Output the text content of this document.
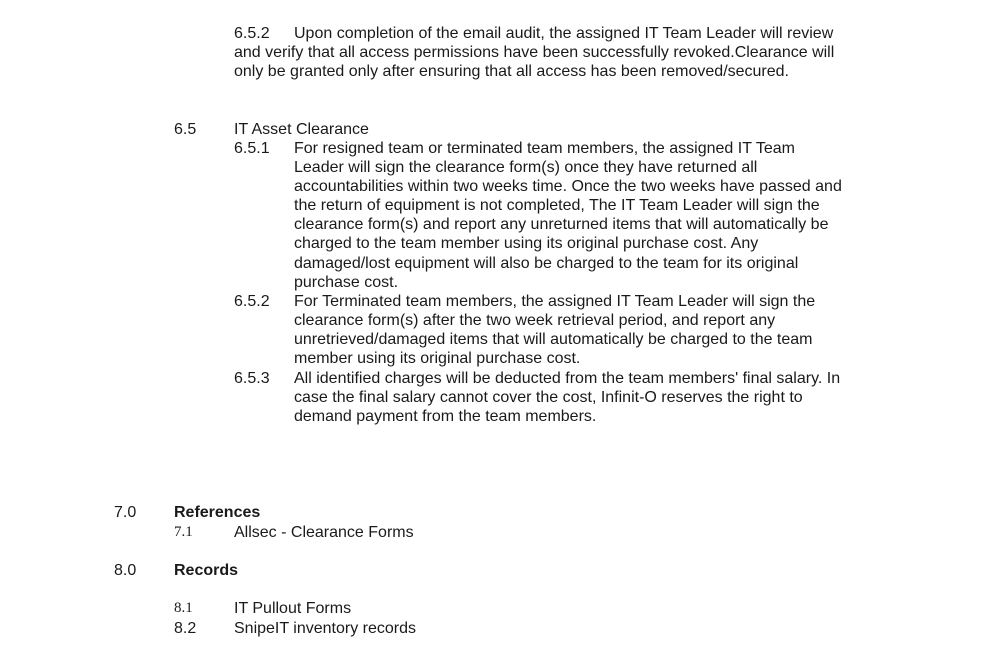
6.5.2	Upon completion of the email audit, the assigned IT Team Leader will review
and verify that all access permissions have been successfully revoked.Clearance will
only be granted only after ensuring that all access has been removed/secured.
6.5 IT Asset Clearance
6.5.1 For resigned team or terminated team members, the assigned IT Team
Leader will sign the clearance form(s) once they have returned all
accountabilities within two weeks time. Once the two weeks have passed and
the return of equipment is not completed, The IT Team Leader will sign the
clearance form(s) and report any unreturned items that will automatically be
charged to the team member using its original purchase cost. Any
damaged/lost equipment will also be charged to the team for its original
purchase cost.
6.5.2 For Terminated team members, the assigned IT Team Leader will sign the
clearance form(s) after the two week retrieval period, and report any
unretrieved/damaged items that will automatically be charged to the team
member using its original purchase cost.
6.5.3 All identified charges will be deducted from the team members' final salary. In
case the final salary cannot cover the cost, Infinit-O reserves the right to
demand payment from the team members.
7.0 References
7.1	Allsec - Clearance Forms
8.0 Records
8.1	IT Pullout Forms
8.2 SnipeIT inventory records
